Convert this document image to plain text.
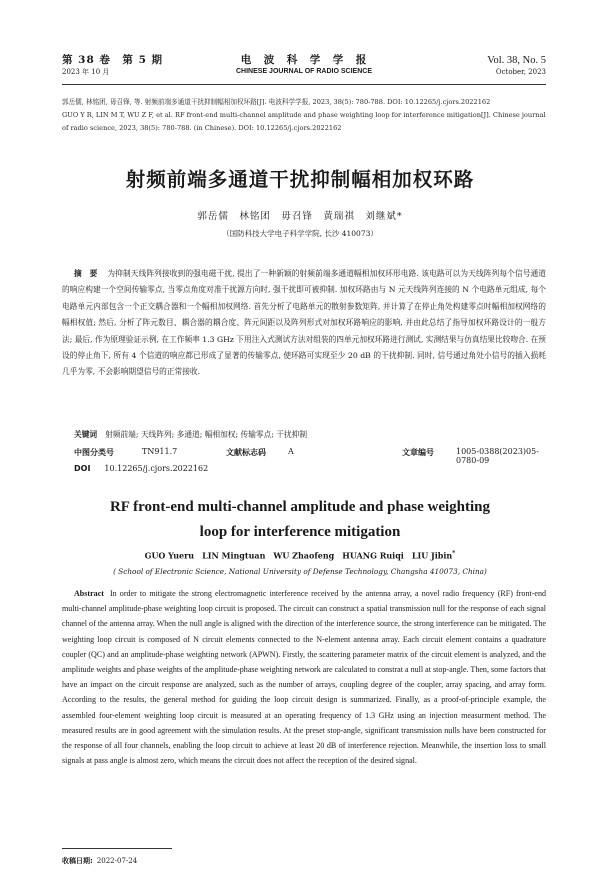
第 38 卷　第 5 期
2023 年 10 月
电　波　科　学　学　报
CHINESE JOURNAL OF RADIO SCIENCE
Vol. 38, No. 5
October, 2023

郭岳儒, 林铭团, 毋召锋, 等. 射频前端多通道干扰抑制幅相加权环路[J]. 电波科学学报, 2023, 38(5): 780-788. DOI: 10.12265/j.cjors.2022162

GUO Y R, LIN M T, WU Z F, et al. RF front-end multi-channel amplitude and phase weighting loop for interference mitigation[J]. Chinese journal of radio science, 2023, 38(5): 780-788. (in Chinese). DOI: 10.12265/j.cjors.2022162

射频前端多通道干扰抑制幅相加权环路
郭岳儒　林铭团　毋召锋　黄瑞祺　刘继斌*
（国防科技大学电子科学学院, 长沙 410073）
摘　要 为抑制天线阵列接收到的强电磁干扰, 提出了一种新颖的射频前端多通道幅相加权环形电路. 该电路可以为天线阵列每个信号通道的响应构建一个空间传输零点, 当零点角度对准干扰源方向时, 强干扰即可被抑制. 加权环路由与 N 元天线阵列连接的 N 个电路单元组成, 每个电路单元内部包含一个正交耦合器和一个幅相加权网络. 首先分析了电路单元的散射参数矩阵, 并计算了在停止角处构建零点时幅相加权网络的幅相权值; 然后, 分析了阵元数目、耦合器的耦合度、阵元间距以及阵列形式对加权环路响应的影响, 并由此总结了指导加权环路设计的一般方法; 最后, 作为原理验证示例, 在工作频率 1.3 GHz 下用注入式测试方法对组装的四单元加权环路进行测试, 实测结果与仿真结果比较吻合. 在预设的停止角下, 所有 4 个信道的响应都已形成了显著的传输零点, 使环路可实现至少 20 dB 的干扰抑制. 同时, 信号通过角处小信号的插入损耗几乎为零, 不会影响期望信号的正常接收.
关键词 射频前端; 天线阵列; 多通道; 幅相加权; 传输零点; 干扰抑制
中图分类号	TN911.7	文献标志码	A	文章编号	1005-0388(2023)05-0780-09
DOI 10.12265/j.cjors.2022162
RF front-end multi-channel amplitude and phase weighting
loop for interference mitigation
GUO Yueru　LIN Mingtuan　WU Zhaofeng　HUANG Ruiqi　LIU Jibin*
( School of Electronic Science, National University of Defense Technology, Changsha 410073, China)
Abstract In order to mitigate the strong electromagnetic interference received by the antenna array, a novel radio frequency (RF) front-end multi-channel amplitude-phase weighting loop circuit is proposed. The circuit can construct a spatial transmission null for the response of each signal channel of the antenna array. When the null angle is aligned with the direction of the interference source, the strong interference can be mitigated. The weighting loop circuit is composed of N circuit elements connected to the N-element antenna array. Each circuit element contains a quadrature coupler (QC) and an amplitude-phase weighting network (APWN). Firstly, the scattering parameter matrix of the circuit element is analyzed, and the amplitude weights and phase weights of the amplitude-phase weighting network are calculated to constrat a null at stop-angle. Then, some factors that have an impact on the circuit response are analyzed, such as the number of arrays, coupling degree of the coupler, array spacing, and array form. According to the results, the general method for guiding the loop circuit design is summarized. Finally, as a proof-of-principle example, the assembled four-element weighting loop circuit is measured at an operating frequency of 1.3 GHz using an injection measurment method. The measured results are in good agreement with the simulation results. At the preset stop-angle, significant transmission nulls have been constructed for the response of all four channels, enabling the loop circuit to achieve at least 20 dB of interference rejection. Meanwhile, the insertion loss to small signals at pass angle is almost zero, which means the circuit does not affect the reception of the desired signal.
收稿日期: 2022-07-24
